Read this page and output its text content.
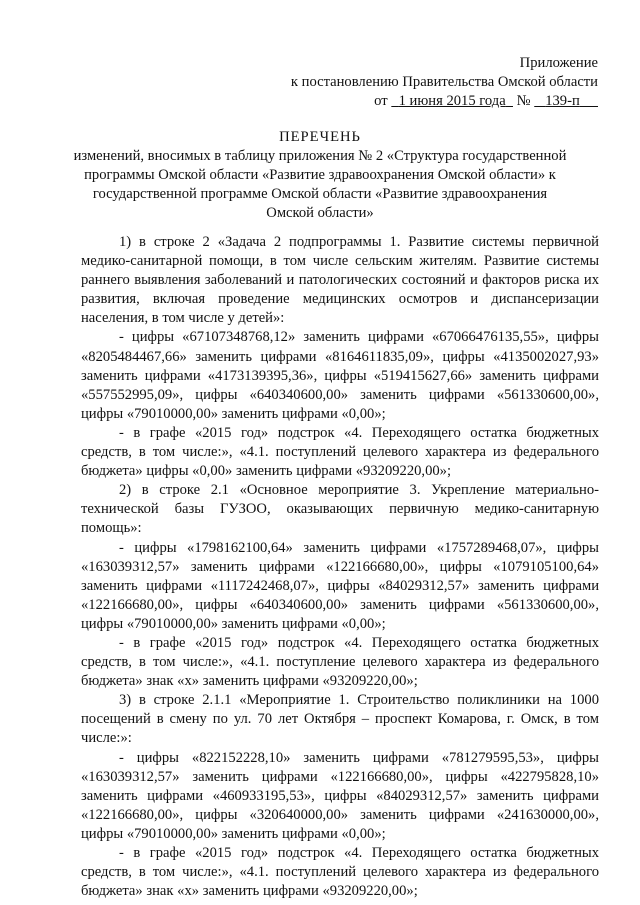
Приложение
к постановлению Правительства Омской области
от 1 июня 2015 года № 139-п
ПЕРЕЧЕНЬ
изменений, вносимых в таблицу приложения № 2 «Структура государственной
программы Омской области «Развитие здравоохранения Омской области» к
государственной программе Омской области «Развитие здравоохранения
Омской области»

1) в строке 2 «Задача 2 подпрограммы 1. Развитие системы первичной медико-санитарной помощи, в том числе сельским жителям. Развитие системы раннего выявления заболеваний и патологических состояний и факторов риска их развития, включая проведение медицинских осмотров и диспансеризации населения, в том числе у детей»:

- цифры «67107348768,12» заменить цифрами «67066476135,55», цифры «8205484467,66» заменить цифрами «8164611835,09», цифры «4135002027,93» заменить цифрами «4173139395,36», цифры «519415627,66» заменить цифрами «557552995,09», цифры «640340600,00» заменить цифрами «561330600,00», цифры «79010000,00» заменить цифрами «0,00»;

- в графе «2015 год» подстрок «4. Переходящего остатка бюджетных средств, в том числе:», «4.1. поступлений целевого характера из федерального бюджета» цифры «0,00» заменить цифрами «93209220,00»;

2) в строке 2.1 «Основное мероприятие 3. Укрепление материально-технической базы ГУЗОО, оказывающих первичную медико-санитарную помощь»:

- цифры «1798162100,64» заменить цифрами «1757289468,07», цифры «163039312,57» заменить цифрами «122166680,00», цифры «1079105100,64» заменить цифрами «1117242468,07», цифры «84029312,57» заменить цифрами «122166680,00», цифры «640340600,00» заменить цифрами «561330600,00», цифры «79010000,00» заменить цифрами «0,00»;

- в графе «2015 год» подстрок «4. Переходящего остатка бюджетных средств, в том числе:», «4.1. поступление целевого характера из федерального бюджета» знак «х» заменить цифрами «93209220,00»;

3) в строке 2.1.1 «Мероприятие 1. Строительство поликлиники на 1000 посещений в смену по ул. 70 лет Октября – проспект Комарова, г. Омск, в том числе:»:

- цифры «822152228,10» заменить цифрами «781279595,53», цифры «163039312,57» заменить цифрами «122166680,00», цифры «422795828,10» заменить цифрами «460933195,53», цифры «84029312,57» заменить цифрами «122166680,00», цифры «320640000,00» заменить цифрами «241630000,00», цифры «79010000,00» заменить цифрами «0,00»;

- в графе «2015 год» подстрок «4. Переходящего остатка бюджетных средств, в том числе:», «4.1. поступлений целевого характера из федерального бюджета» знак «х» заменить цифрами «93209220,00»;
